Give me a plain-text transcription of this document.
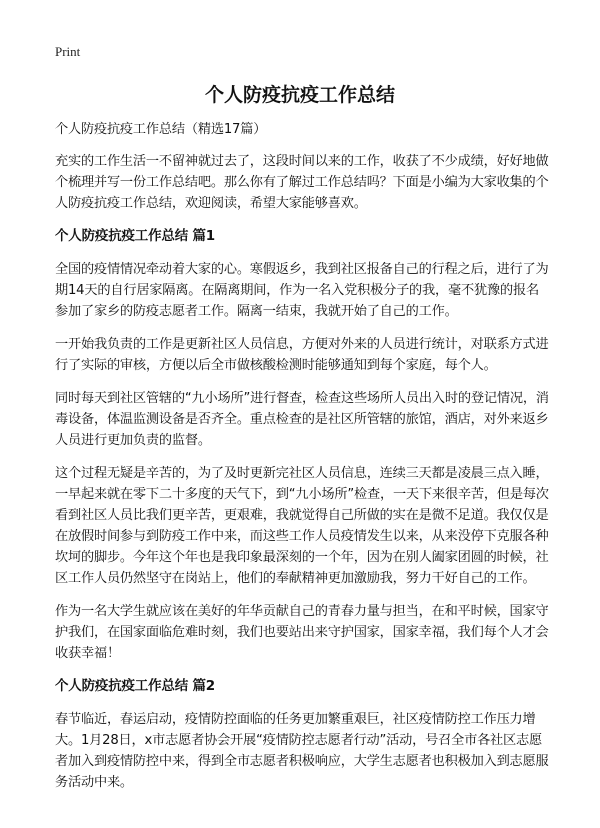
Print
个人防疫抗疫工作总结

个人防疫抗疫工作总结（精选17篇）

充实的工作生活一不留神就过去了，这段时间以来的工作，收获了不少成绩，好好地做个梳理并写一份工作总结吧。那么你有了解过工作总结吗？下面是小编为大家收集的个人防疫抗疫工作总结，欢迎阅读，希望大家能够喜欢。

个人防疫抗疫工作总结 篇1

全国的疫情情况牵动着大家的心。寒假返乡，我到社区报备自己的行程之后，进行了为期14天的自行居家隔离。在隔离期间，作为一名入党积极分子的我，毫不犹豫的报名参加了家乡的防疫志愿者工作。隔离一结束，我就开始了自己的工作。

一开始我负责的工作是更新社区人员信息，方便对外来的人员进行统计，对联系方式进行了实际的审核，方便以后全市做核酸检测时能够通知到每个家庭，每个人。

同时每天到社区管辖的“九小场所”进行督查，检查这些场所人员出入时的登记情况，消毒设备，体温监测设备是否齐全。重点检查的是社区所管辖的旅馆，酒店，对外来返乡人员进行更加负责的监督。

这个过程无疑是辛苦的，为了及时更新完社区人员信息，连续三天都是凌晨三点入睡，一早起来就在零下二十多度的天气下，到“九小场所”检查，一天下来很辛苦，但是每次看到社区人员比我们更辛苦，更艰难，我就觉得自己所做的实在是微不足道。我仅仅是在放假时间参与到防疫工作中来，而这些工作人员疫情发生以来，从来没停下克服各种坎坷的脚步。今年这个年也是我印象最深刻的一个年，因为在别人阖家团圆的时候，社区工作人员仍然坚守在岗站上，他们的奉献精神更加激励我，努力干好自己的工作。

作为一名大学生就应该在美好的年华贡献自己的青春力量与担当，在和平时候，国家守护我们，在国家面临危难时刻，我们也要站出来守护国家，国家幸福，我们每个人才会收获幸福！

个人防疫抗疫工作总结 篇2

春节临近，春运启动，疫情防控面临的任务更加繁重艰巨，社区疫情防控工作压力增大。1月28日，x市志愿者协会开展“疫情防控志愿者行动”活动，号召全市各社区志愿者加入到疫情防控中来，得到全市志愿者积极响应，大学生志愿者也积极加入到志愿服务活动中来。
